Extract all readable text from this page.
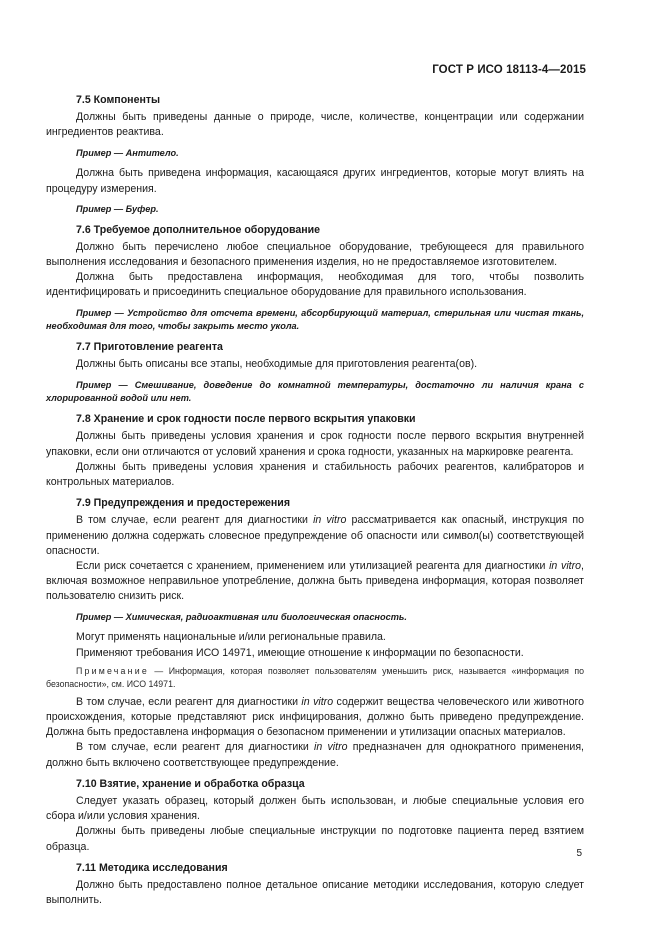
ГОСТ Р ИСО 18113-4—2015
7.5 Компоненты

Должны быть приведены данные о природе, числе, количестве, концентрации или содержании ингредиентов реактива.

Пример — Антитело.

Должна быть приведена информация, касающаяся других ингредиентов, которые могут влиять на процедуру измерения.

Пример — Буфер.

7.6 Требуемое дополнительное оборудование

Должно быть перечислено любое специальное оборудование, требующееся для правильного выполнения исследования и безопасного применения изделия, но не предоставляемое изготовителем.

Должна быть предоставлена информация, необходимая для того, чтобы позволить идентифицировать и присоединить специальное оборудование для правильного использования.

Пример — Устройство для отсчета времени, абсорбирующий материал, стерильная или чистая ткань, необходимая для того, чтобы закрыть место укола.

7.7 Приготовление реагента

Должны быть описаны все этапы, необходимые для приготовления реагента(ов).

Пример — Смешивание, доведение до комнатной температуры, достаточно ли наличия крана с хлорированной водой или нет.

7.8 Хранение и срок годности после первого вскрытия упаковки

Должны быть приведены условия хранения и срок годности после первого вскрытия внутренней упаковки, если они отличаются от условий хранения и срока годности, указанных на маркировке реагента.

Должны быть приведены условия хранения и стабильность рабочих реагентов, калибраторов и контрольных материалов.

7.9 Предупреждения и предостережения

В том случае, если реагент для диагностики in vitro рассматривается как опасный, инструкция по применению должна содержать словесное предупреждение об опасности или символ(ы) соответствующей опасности.

Если риск сочетается с хранением, применением или утилизацией реагента для диагностики in vitro, включая возможное неправильное употребление, должна быть приведена информация, которая позволяет пользователю снизить риск.

Пример — Химическая, радиоактивная или биологическая опасность.

Могут применять национальные и/или региональные правила.

Применяют требования ИСО 14971, имеющие отношение к информации по безопасности.

Примечание — Информация, которая позволяет пользователям уменьшить риск, называется «информация по безопасности», см. ИСО 14971.

В том случае, если реагент для диагностики in vitro содержит вещества человеческого или животного происхождения, которые представляют риск инфицирования, должно быть приведено предупреждение. Должна быть предоставлена информация о безопасном применении и утилизации опасных материалов.

В том случае, если реагент для диагностики in vitro предназначен для однократного применения, должно быть включено соответствующее предупреждение.

7.10 Взятие, хранение и обработка образца

Следует указать образец, который должен быть использован, и любые специальные условия его сбора и/или условия хранения.

Должны быть приведены любые специальные инструкции по подготовке пациента перед взятием образца.

7.11 Методика исследования

Должно быть предоставлено полное детальное описание методики исследования, которую следует выполнить.

5
